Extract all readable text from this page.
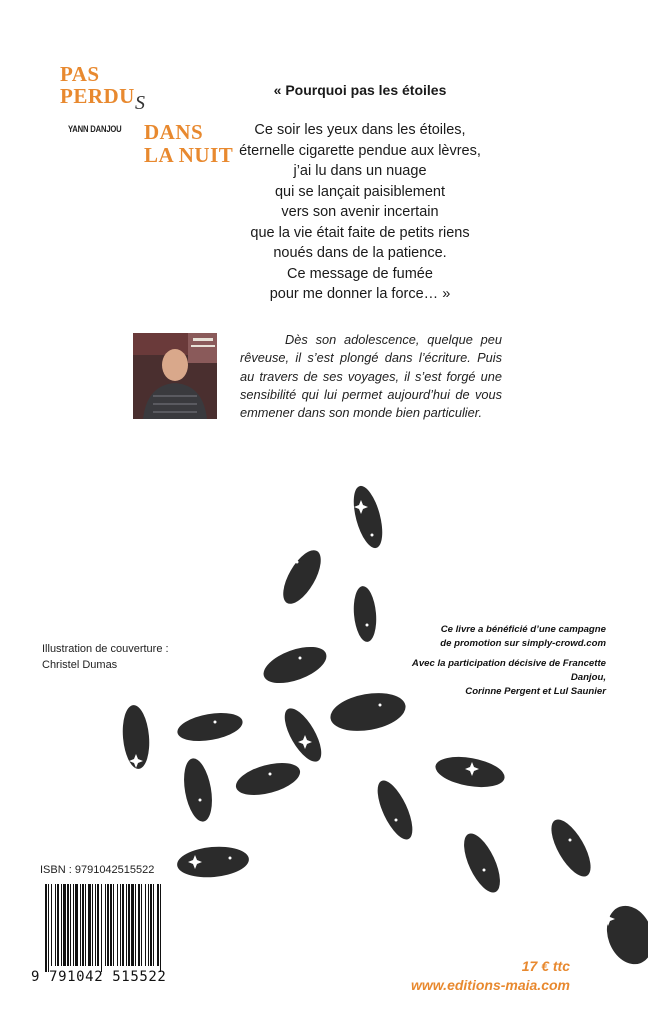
PAS
PERDU S
YANN DANJOU DANS
LA NUIT
« Pourquoi pas les étoiles
Ce soir les yeux dans les étoiles,
éternelle cigarette pendue aux lèvres,
j’ai lu dans un nuage
qui se lançait paisiblement
vers son avenir incertain
que la vie était faite de petits riens
noués dans de la patience.
Ce message de fumée
pour me donner la force… »
Dès son adolescence, quelque peu rêveuse, il s’est plongé dans l’écriture. Puis au travers de ses voyages, il s’est forgé une sensibilité qui lui permet aujourd’hui de vous emmener dans son monde bien particulier.
Illustration de couverture :
Christel Dumas

Ce livre a bénéficié d’une campagne
de promotion sur simply-crowd.com

Avec la participation décisive de Francette Danjou,
Corinne Pergent et Lul Saunier

ISBN : 9791042515522
9 791042 515522
17 € ttc
www.editions-maia.com
